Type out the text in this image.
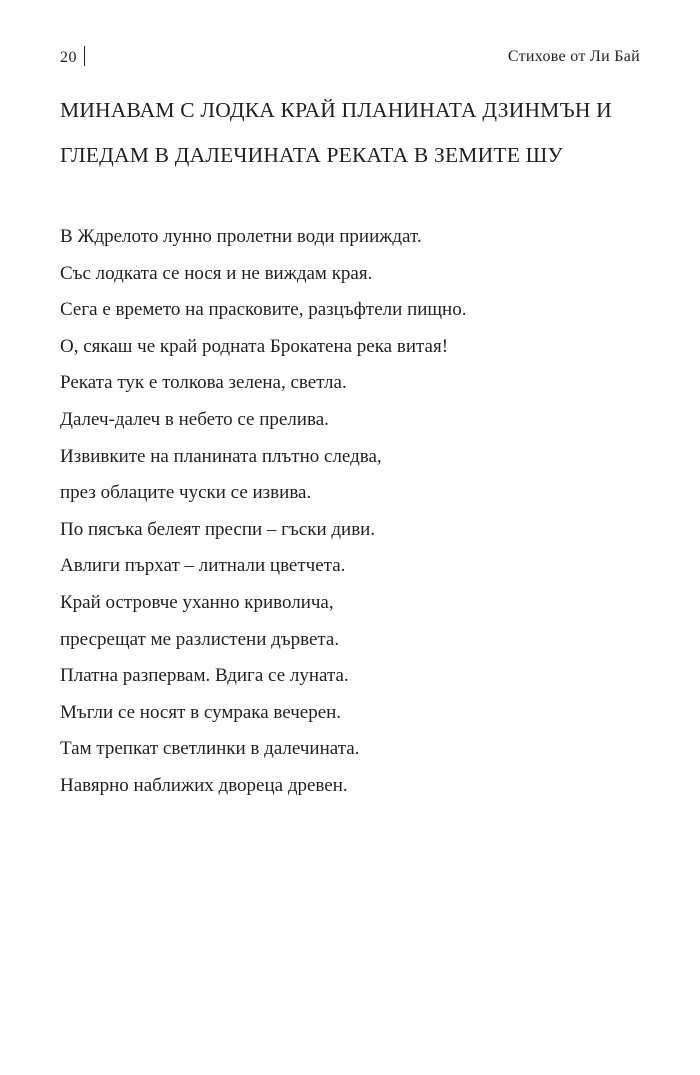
20	Стихове от Ли Бай
МИНАВАМ С ЛОДКА КРАЙ ПЛАНИНАТА ДЗИНМЪН И
ГЛЕДАМ В ДАЛЕЧИНАТА РЕКАТА В ЗЕМИТЕ ШУ
В Ждрелото лунно пролетни води прииждат.
Със лодката се нося и не виждам края.
Сега е времето на прасковите, разцъфтели пищно.
О, сякаш че край родната Брокатена река витая!
Реката тук е толкова зелена, светла.
Далеч-далеч в небето се прелива.
Извивките на планината плътно следва,
през облаците чуски се извива.
По пясъка белеят преспи – гъски диви.
Авлиги пърхат – литнали цветчета.
Край островче уханно криволича,
пресрещат ме разлистени дървета.
Платна разпервам. Вдига се луната.
Мъгли се носят в сумрака вечерен.
Там трепкат светлинки в далечината.
Навярно наближих двореца древен.
